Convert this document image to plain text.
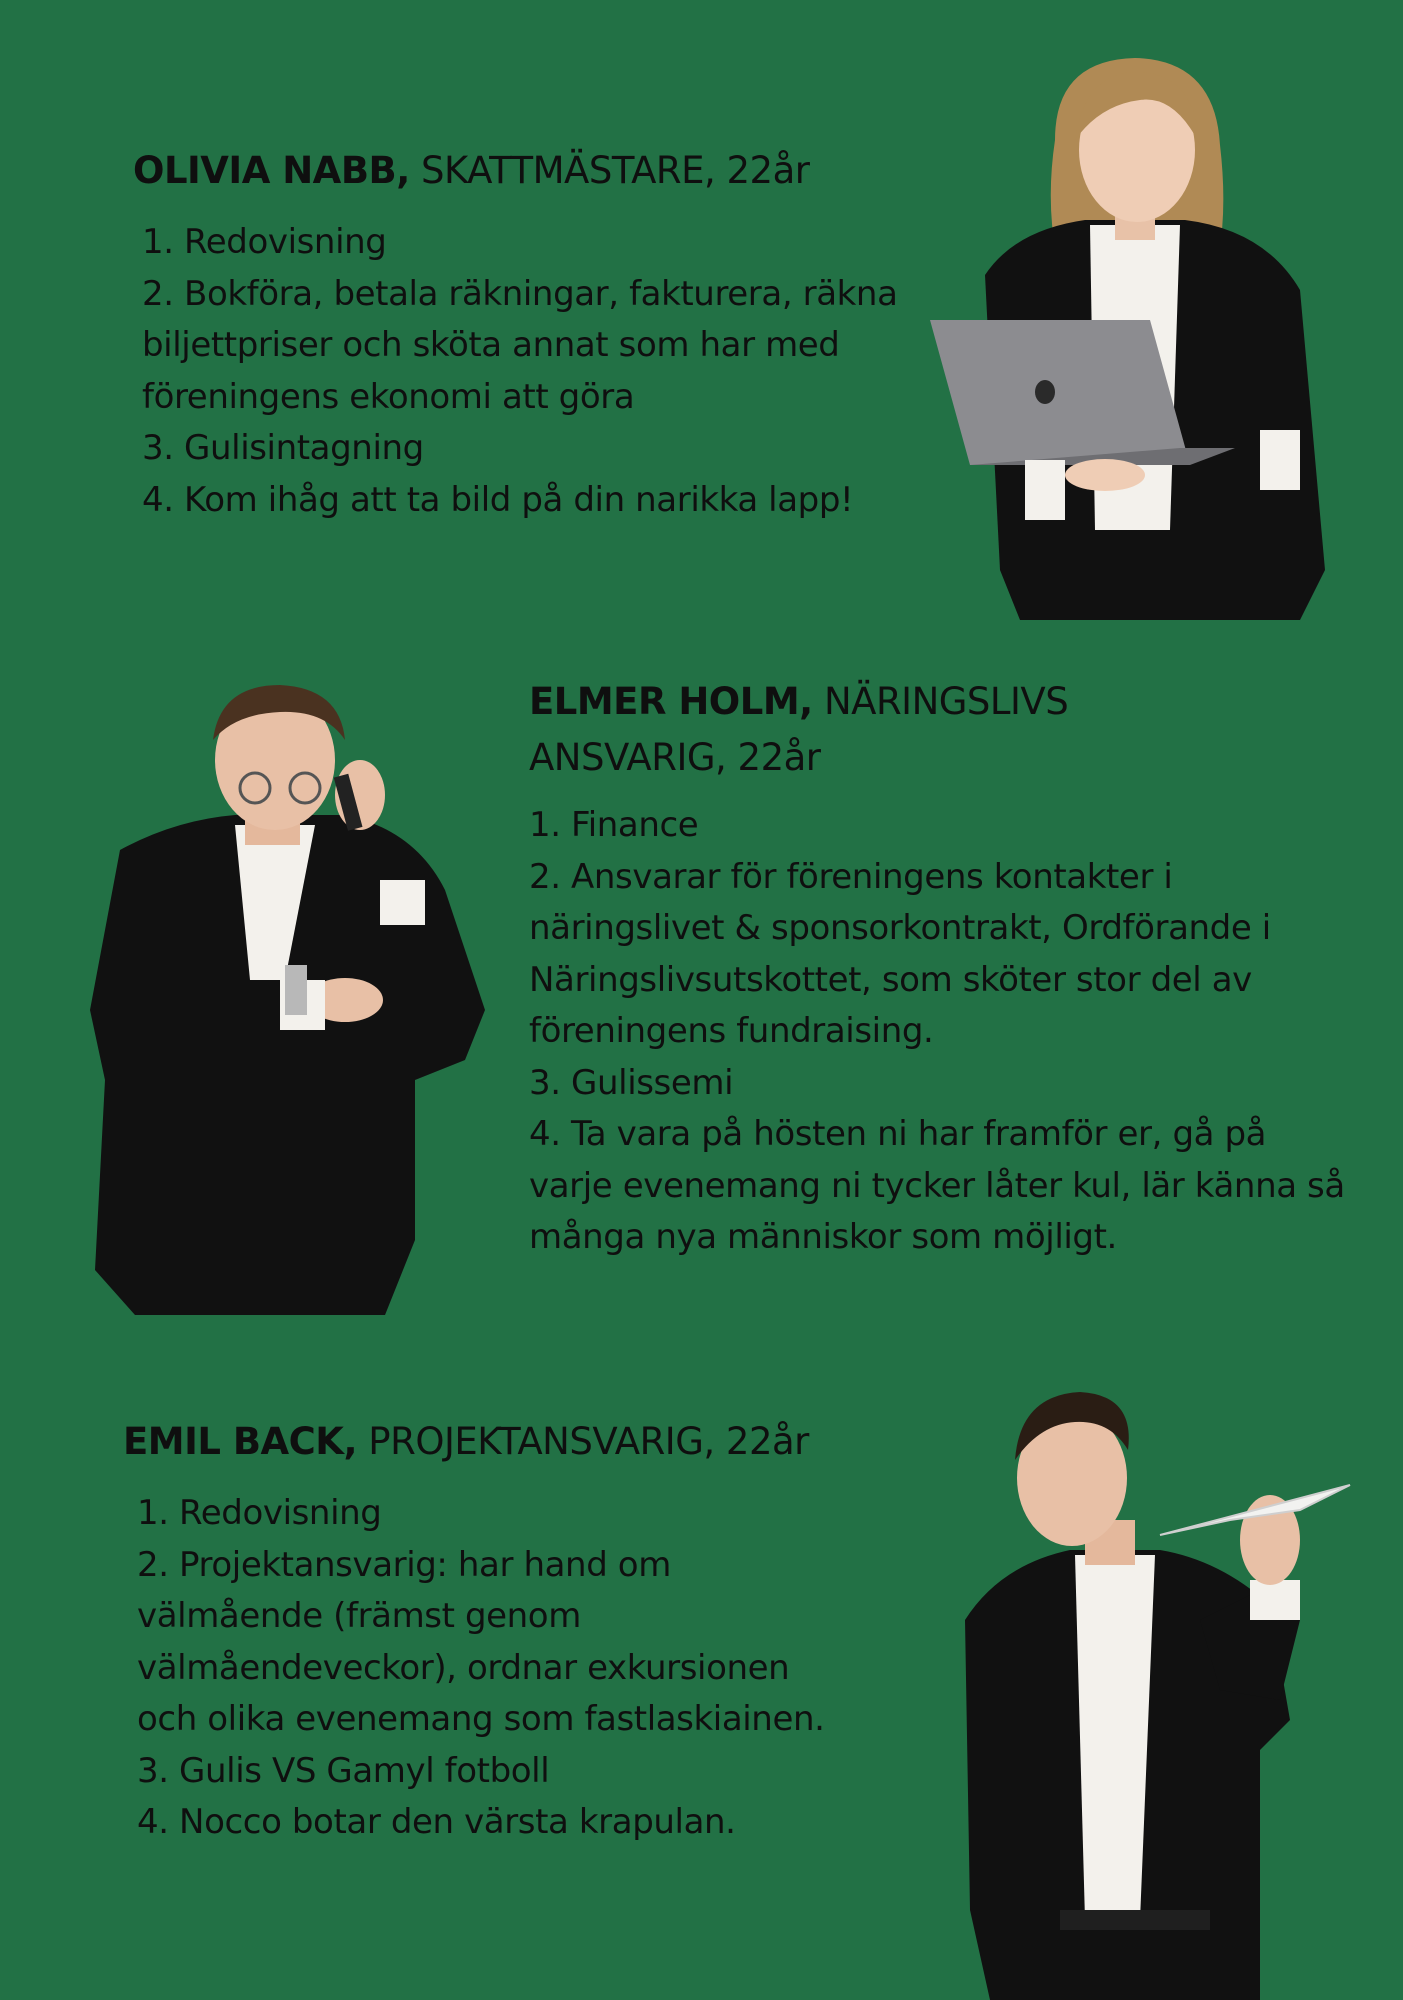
OLIVIA NABB, SKATTMÄSTARE, 22år
1. Redovisning
2. Bokföra, betala räkningar, fakturera, räkna biljettpriser och sköta annat som har med föreningens ekonomi att göra
3. Gulisintagning
4. Kom ihåg att ta bild på din narikka lapp!
ELMER HOLM, NÄRINGSLIVS ANSVARIG, 22år
1. Finance
2. Ansvarar för föreningens kontakter i näringslivet & sponsorkontrakt, Ordförande i Näringslivsutskottet, som sköter stor del av föreningens fundraising.
3. Gulissemi
4. Ta vara på hösten ni har framför er, gå på varje evenemang ni tycker låter kul, lär känna så många nya människor som möjligt.
EMIL BACK, PROJEKTANSVARIG, 22år
1. Redovisning
2. Projektansvarig: har hand om välmående (främst genom välmåendeveckor), ordnar exkursionen och olika evenemang som fastlaskiainen.
3. Gulis VS Gamyl fotboll
4. Nocco botar den värsta krapulan.
